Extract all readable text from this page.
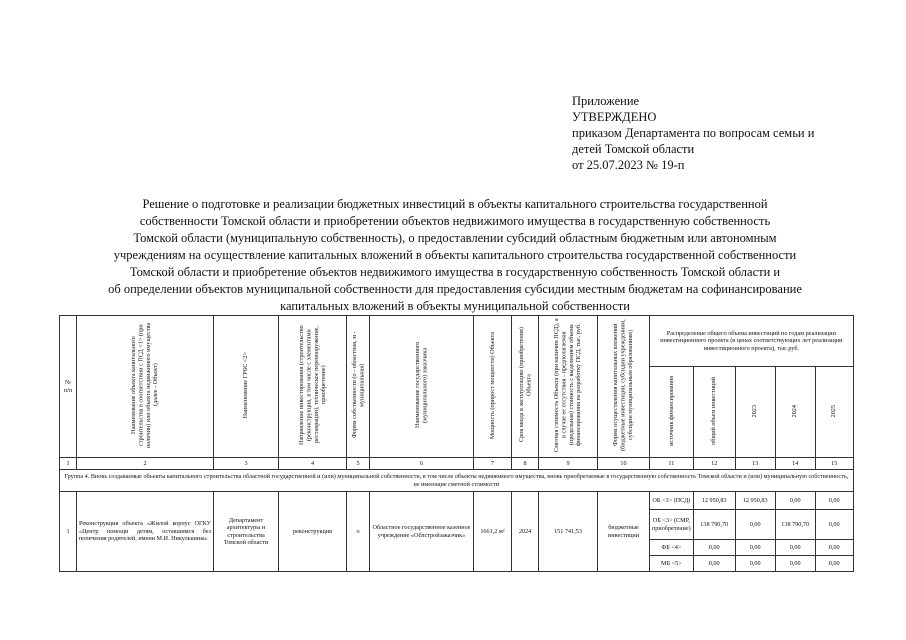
Приложение
УТВЕРЖДЕНО
приказом Департамента по вопросам семьи и
детей Томской области
от 25.07.2023 № 19-п
Решение о подготовке и реализации бюджетных инвестиций в объекты капитального строительства государственной
собственности Томской области и приобретении объектов недвижимого имущества в государственную собственность
Томской области (муниципальную собственность), о предоставлении субсидий областным бюджетным или автономным
учреждениям на осуществление капитальных вложений в объекты капитального строительства государственной собственности
Томской области и приобретение объектов недвижимого имущества в государственную собственность Томской области и
об определении объектов муниципальной собственности для предоставления субсидии местным бюджетам на софинансирование
капитальных вложений в объекты муниципальной собственности
№ п/п	Наименование объекта капитального строительства в соответствии с ПСД <1> (при наличии) или объекта недвижимого имущества (далее - Объект)	Наименование ГРБС <2>	Направление инвестирования (строительство (реконструкция, в том числе с элементами реставрации), техническое перевооружение, приобретение)	Форма собственности (о - областная, м - муниципальная)	Наименование государственного (муниципального) заказчика	Мощность (прирост мощности) Объекта	Срок ввода в эксплуатацию (приобретения) Объекта	Сметная стоимость Объекта (при наличии ПСД), а в случае ее отсутствия - предполагаемая (предельная) стоимость с выделением объема финансирования на разработку ПСД, тыс. руб.	Форма осуществления капитальных вложений (бюджетные инвестиции, субсидии учреждениям, субсидии муниципальным образованиям)	Распределение общего объема инвестиций по годам реализации инвестиционного проекта (в ценах соответствующих лет реализации инвестиционного проекта), тыс.руб.				
										источник финансирования	общий объем инвестиций	2023	2024	2025
1	2	3	4	5	6	7	8	9	10	11	12	13	14	15
Группа 4. Вновь создаваемые объекты капитального строительства областной государственной и (или) муниципальной собственности, в том числе объекты недвижимого имущества, вновь приобретаемые в государственную собственность Томской области и (или) муниципальную собственность, не имеющие сметной стоимости														
1	Реконструкция объекта «Жилой корпус ОГКУ «Центр помощи детям, оставшимся без попечения родителей, имени М.И. Никульшина»	Департамент архитектуры и строительства Томской области	реконструкция	о	Областное государственное казенное учреждение «Облстройзаказчик»	1661,2 м²	2024	151 741,53	бюджетные инвестиции	ОБ <3> (ПСД)	12 950,83	12 950,83	0,00	0,00
										ОБ <3> (СМР, приобретение)	138 790,70	0,00	138 790,70	0,00
										ФБ <4>	0,00	0,00	0,00	0,00
										МБ <5>	0,00	0,00	0,00	0,00
